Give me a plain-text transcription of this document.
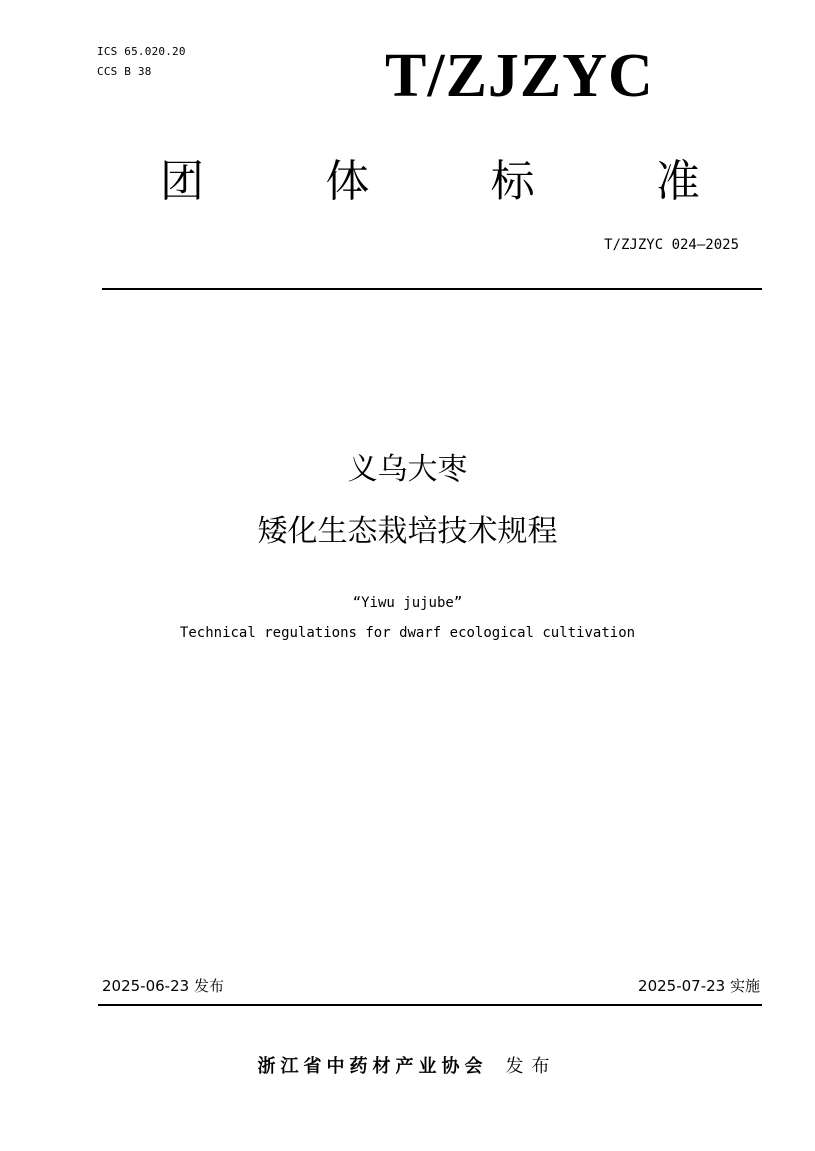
ICS 65.020.20
CCS B 38	T/ZJZYC
团	体	标	准
T/ZJZYC 024—2025
义乌大枣
矮化生态栽培技术规程
“Yiwu jujube”
Technical regulations for dwarf ecological cultivation
2025-06-23 发布	2025-07-23 实施
浙江省中药材产业协会 发布
